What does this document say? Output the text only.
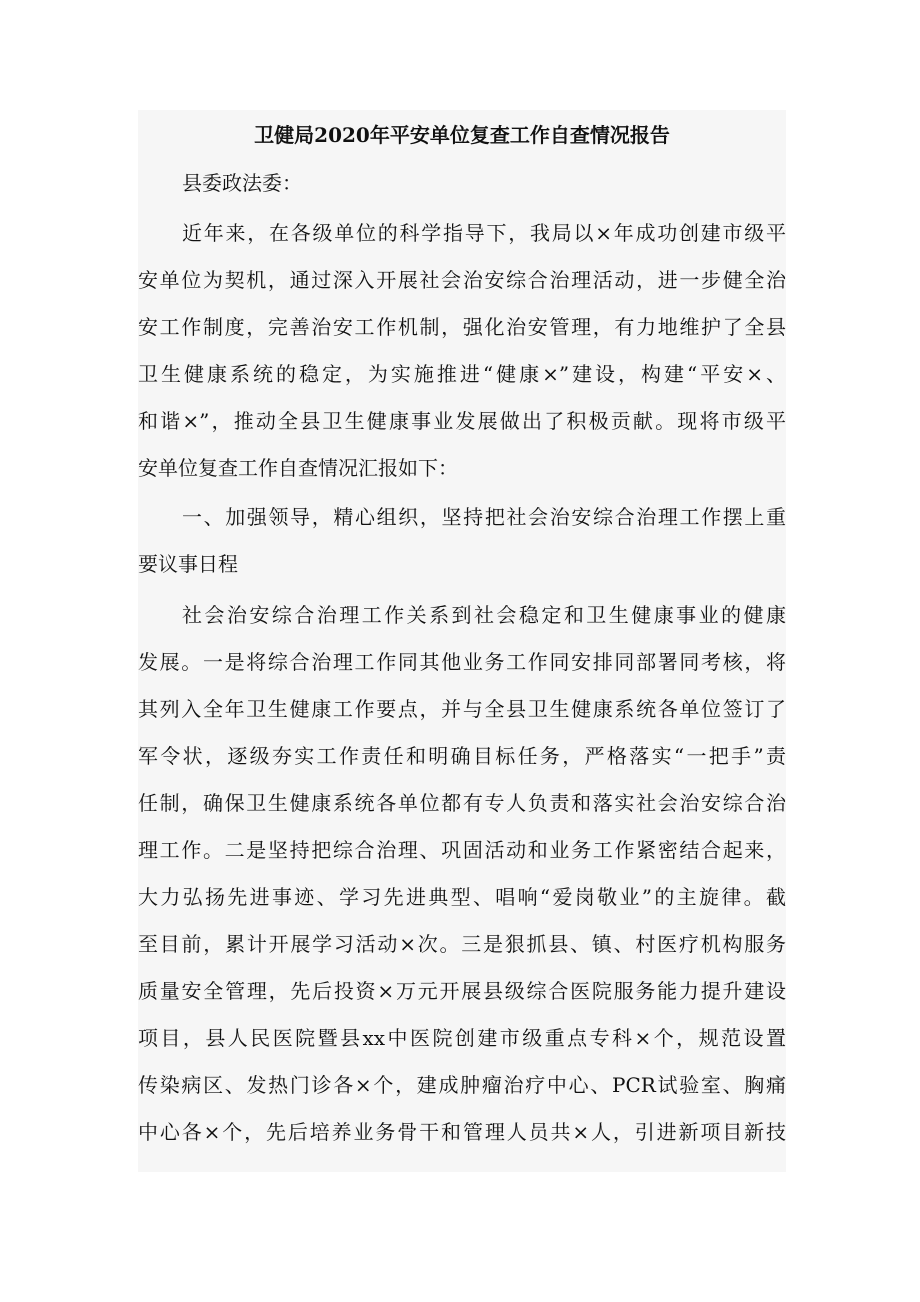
卫健局2020年平安单位复查工作自查情况报告
县委政法委：
近年来，在各级单位的科学指导下，我局以×年成功创建市级平
安单位为契机，通过深入开展社会治安综合治理活动，进一步健全治
安工作制度，完善治安工作机制，强化治安管理，有力地维护了全县
卫生健康系统的稳定，为实施推进“健康×”建设，构建“平安×、
和谐×”，推动全县卫生健康事业发展做出了积极贡献。现将市级平
安单位复查工作自查情况汇报如下：
一、加强领导，精心组织，坚持把社会治安综合治理工作摆上重
要议事日程
社会治安综合治理工作关系到社会稳定和卫生健康事业的健康
发展。一是将综合治理工作同其他业务工作同安排同部署同考核，将
其列入全年卫生健康工作要点，并与全县卫生健康系统各单位签订了
军令状，逐级夯实工作责任和明确目标任务，严格落实“一把手”责
任制，确保卫生健康系统各单位都有专人负责和落实社会治安综合治
理工作。二是坚持把综合治理、巩固活动和业务工作紧密结合起来，
大力弘扬先进事迹、学习先进典型、唱响“爱岗敬业”的主旋律。截
至目前，累计开展学习活动×次。三是狠抓县、镇、村医疗机构服务
质量安全管理，先后投资×万元开展县级综合医院服务能力提升建设
项目，县人民医院暨县xx中医院创建市级重点专科×个，规范设置
传染病区、发热门诊各×个，建成肿瘤治疗中心、PCR试验室、胸痛
中心各×个，先后培养业务骨干和管理人员共×人，引进新项目新技
